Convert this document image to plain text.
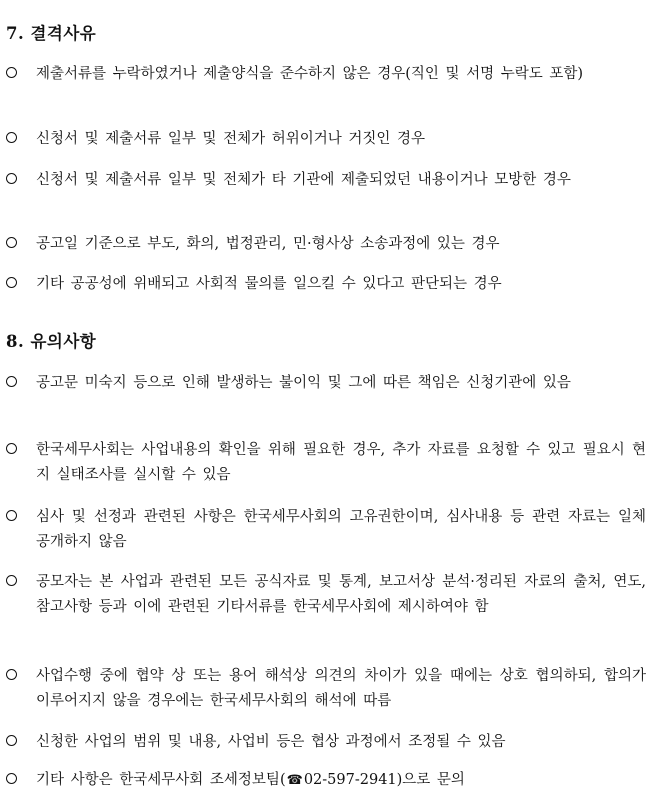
7. 결격사유
제출서류를 누락하였거나 제출양식을 준수하지 않은 경우(직인 및 서명 누락도 포함)
신청서 및 제출서류 일부 및 전체가 허위이거나 거짓인 경우
신청서 및 제출서류 일부 및 전체가 타 기관에 제출되었던 내용이거나 모방한 경우
공고일 기준으로 부도, 화의, 법정관리, 민·형사상 소송과정에 있는 경우
기타 공공성에 위배되고 사회적 물의를 일으킬 수 있다고 판단되는 경우
8. 유의사항
공고문 미숙지 등으로 인해 발생하는 불이익 및 그에 따른 책임은 신청기관에 있음
한국세무사회는 사업내용의 확인을 위해 필요한 경우, 추가 자료를 요청할 수 있고 필요시 현지 실태조사를 실시할 수 있음
심사 및 선정과 관련된 사항은 한국세무사회의 고유권한이며, 심사내용 등 관련 자료는 일체 공개하지 않음
공모자는 본 사업과 관련된 모든 공식자료 및 통계, 보고서상 분석·정리된 자료의 출처, 연도, 참고사항 등과 이에 관련된 기타서류를 한국세무사회에 제시하여야 함
사업수행 중에 협약 상 또는 용어 해석상 의견의 차이가 있을 때에는 상호 협의하되, 합의가 이루어지지 않을 경우에는 한국세무사회의 해석에 따름
신청한 사업의 범위 및 내용, 사업비 등은 협상 과정에서 조정될 수 있음
기타 사항은 한국세무사회 조세정보팀(☎02-597-2941)으로 문의
